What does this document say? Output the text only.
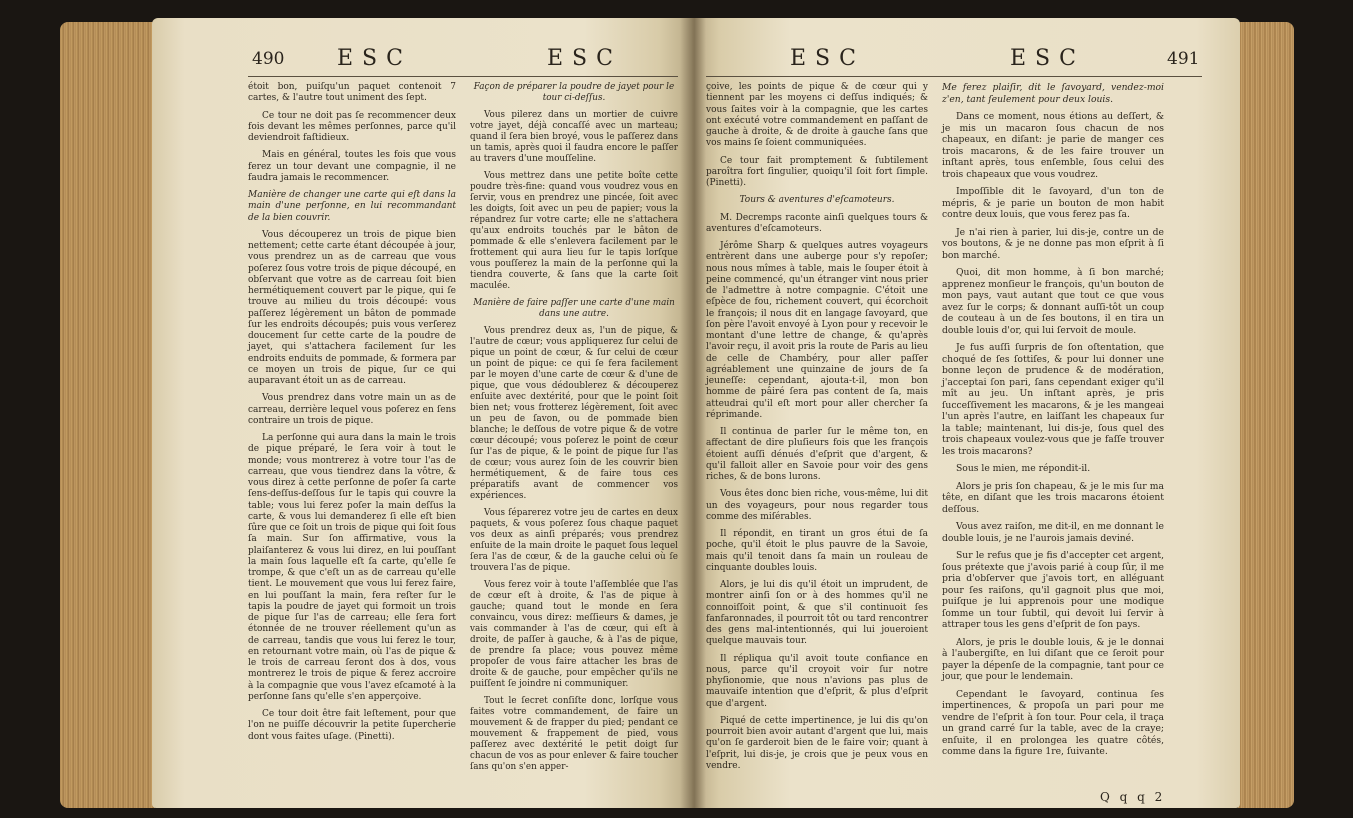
490 ESC	ESC

étoit bon, puiſqu'un paquet contenoit 7 cartes, & l'autre tout uniment des ſept.

Ce tour ne doit pas ſe recommencer deux fois devant les mêmes perſonnes, parce qu'il deviendroit faſtidieux.

Mais en général, toutes les fois que vous ferez un tour devant une compagnie, il ne faudra jamais le recommencer.

Manière de changer une carte qui eſt dans la main d'une perſonne, en lui recommandant de la bien couvrir.

Vous découperez un trois de pique bien nettement; cette carte étant découpée à jour, vous prendrez un as de carreau que vous poſerez ſous votre trois de pique découpé, en obſervant que votre as de carreau ſoit bien hermétiquement couvert par le pique, qui ſe trouve au milieu du trois découpé: vous paſſerez légèrement un bâton de pommade ſur les endroits découpés; puis vous verſerez doucement ſur cette carte de la poudre de jayet, qui s'attachera facilement ſur les endroits enduits de pommade, & formera par ce moyen un trois de pique, ſur ce qui auparavant étoit un as de carreau.

Vous prendrez dans votre main un as de carreau, derrière lequel vous poſerez en ſens contraire un trois de pique.

La perſonne qui aura dans la main le trois de pique préparé, le ſera voir à tout le monde; vous montrerez à votre tour l'as de carreau, que vous tiendrez dans la vôtre, & vous direz à cette perſonne de poſer ſa carte ſens-deſſus-deſſous ſur le tapis qui couvre la table; vous lui ferez poſer la main deſſus la carte, & vous lui demanderez ſi elle eſt bien ſûre que ce ſoit un trois de pique qui ſoit ſous ſa main. Sur ſon affirmative, vous la plaiſanterez & vous lui direz, en lui pouſſant la main ſous laquelle eſt ſa carte, qu'elle ſe trompe, & que c'eſt un as de carreau qu'elle tient. Le mouvement que vous lui ferez faire, en lui pouſſant la main, fera reſter ſur le tapis la poudre de jayet qui formoit un trois de pique ſur l'as de carreau; elle ſera fort étonnée de ne trouver réellement qu'un as de carreau, tandis que vous lui ferez le tour, en retournant votre main, où l'as de pique & le trois de carreau ſeront dos à dos, vous montrerez le trois de pique & ferez accroire à la compagnie que vous l'avez eſcamoté à la perſonne ſans qu'elle s'en apperçoive.

Ce tour doit être fait leſtement, pour que l'on ne puiſſe découvrir la petite ſupercherie dont vous faites uſage. (Pinetti).

Façon de préparer la poudre de jayet pour le tour ci-deſſus.

Vous pilerez dans un mortier de cuivre votre jayet, déjà concaſſé avec un marteau; quand il ſera bien broyé, vous le paſſerez dans un tamis, après quoi il faudra encore le paſſer au travers d'une mouſſeline.

Vous mettrez dans une petite boîte cette poudre très-fine: quand vous voudrez vous en ſervir, vous en prendrez une pincée, ſoit avec les doigts, ſoit avec un peu de papier; vous la répandrez ſur votre carte; elle ne s'attachera qu'aux endroits touchés par le bâton de pommade & elle s'enlevera facilement par le frottement qui aura lieu ſur le tapis lorſque vous pouſſerez la main de la perſonne qui la tiendra couverte, & ſans que la carte ſoit maculée.

Manière de faire paſſer une carte d'une main dans une autre.

Vous prendrez deux as, l'un de pique, & l'autre de cœur; vous appliquerez ſur celui de pique un point de cœur, & ſur celui de cœur un point de pique: ce qui ſe fera facilement par le moyen d'une carte de cœur & d'une de pique, que vous dédoublerez & découperez enſuite avec dextérité, pour que le point ſoit bien net; vous frotterez légèrement, ſoit avec un peu de ſavon, ou de pommade bien blanche; le deſſous de votre pique & de votre cœur découpé; vous poſerez le point de cœur ſur l'as de pique, & le point de pique ſur l'as de cœur; vous aurez ſoin de les couvrir bien hermétiquement, & de faire tous ces préparatifs avant de commencer vos expériences.

Vous ſéparerez votre jeu de cartes en deux paquets, & vous poſerez ſous chaque paquet vos deux as ainſi préparés; vous prendrez enſuite de la main droite le paquet ſous lequel ſera l'as de cœur, & de la gauche celui où ſe trouvera l'as de pique.

Vous ferez voir à toute l'aſſemblée que l'as de cœur eſt à droite, & l'as de pique à gauche; quand tout le monde en ſera convaincu, vous direz: meſſieurs & dames, je vais commander à l'as de cœur, qui eſt à droite, de paſſer à gauche, & à l'as de pique, de prendre ſa place; vous pouvez même propoſer de vous faire attacher les bras de droite & de gauche, pour empêcher qu'ils ne puiſſent ſe joindre ni communiquer.

Tout le ſecret conſiſte donc, lorſque vous faites votre commandement, de faire un mouvement & de frapper du pied; pendant ce mouvement & frappement de pied, vous paſſerez avec dextérité le petit doigt ſur chacun de vos as pour enlever & faire toucher ſans qu'on s'en apper-

ESC	ESC	491

çoive, les points de pique & de cœur qui y tiennent par les moyens ci deſſus indiqués; & vous ſaites voir à la compagnie, que les cartes ont exécuté votre commandement en paſſant de gauche à droite, & de droite à gauche ſans que vos mains ſe ſoient communiquées.

Ce tour fait promptement & ſubtilement paroîtra fort ſingulier, quoiqu'il ſoit fort ſimple. (Pinetti).

Tours & aventures d'eſcamoteurs.

M. Decremps raconte ainſi quelques tours & aventures d'eſcamoteurs.

Jérôme Sharp & quelques autres voyageurs entrèrent dans une auberge pour s'y repoſer; nous nous mîmes à table, mais le ſouper étoit à peine commencé, qu'un étranger vint nous prier de l'admettre à notre compagnie. C'étoit une eſpèce de fou, richement couvert, qui écorchoit le françois; il nous dit en langage ſavoyard, que ſon père l'avoit envoyé à Lyon pour y recevoir le montant d'une lettre de change, & qu'après l'avoir reçu, il avoit pris la route de Paris au lieu de celle de Chambéry, pour aller paſſer agréablement une quinzaine de jours de ſa jeuneſſe: cependant, ajouta-t-il, mon bon homme de pâiré ſera pas content de ſa, mais atteudrai qu'il eſt mort pour aller chercher ſa réprimande.

Il continua de parler ſur le même ton, en affectant de dire pluſieurs fois que les françois étoient auſſi dénués d'eſprit que d'argent, & qu'il falloit aller en Savoie pour voir des gens riches, & de bons lurons.

Vous êtes donc bien riche, vous-même, lui dit un des voyageurs, pour nous regarder tous comme des miſérables.

Il répondit, en tirant un gros étui de ſa poche, qu'il étoit le plus pauvre de la Savoie, mais qu'il tenoit dans ſa main un rouleau de cinquante doubles louis.

Alors, je lui dis qu'il étoit un imprudent, de montrer ainſi ſon or à des hommes qu'il ne connoiſſoit point, & que s'il continuoit ſes fanfaronnades, il pourroit tôt ou tard rencontrer des gens mal-intentionnés, qui lui joueroient quelque mauvais tour.

Il répliqua qu'il avoit toute confiance en nous, parce qu'il croyoit voir ſur notre phyſionomie, que nous n'avions pas plus de mauvaiſe intention que d'eſprit, & plus d'eſprit que d'argent.

Piqué de cette impertinence, je lui dis qu'on pourroit bien avoir autant d'argent que lui, mais qu'on ſe garderoit bien de le faire voir; quant à l'eſprit, lui dis-je, je crois que je peux vous en vendre.

Me ferez plaiſir, dit le ſavoyard, vendez-moi z'en, tant ſeulement pour deux louis.

Dans ce moment, nous étions au deſſert, & je mis un macaron ſous chacun de nos chapeaux, en diſant: je parie de manger ces trois macarons, & de les faire trouver un inſtant après, tous enſemble, ſous celui des trois chapeaux que vous voudrez.

Impoſſible dit le ſavoyard, d'un ton de mépris, & je parie un bouton de mon habit contre deux louis, que vous ferez pas ſa.

Je n'ai rien à parier, lui dis-je, contre un de vos boutons, & je ne donne pas mon eſprit à ſi bon marché.

Quoi, dit mon homme, à ſi bon marché; apprenez monſieur le françois, qu'un bouton de mon pays, vaut autant que tout ce que vous avez ſur le corps; & donnant auſſi-tôt un coup de couteau à un de ſes boutons, il en tira un double louis d'or, qui lui ſervoit de moule.

Je fus auſſi ſurpris de ſon oſtentation, que choqué de ſes ſottiſes, & pour lui donner une bonne leçon de prudence & de modération, j'acceptai ſon pari, ſans cependant exiger qu'il mît au jeu. Un inſtant après, je pris ſucceſſivement les macarons, & je les mangeai l'un après l'autre, en laiſſant les chapeaux ſur la table; maintenant, lui dis-je, ſous quel des trois chapeaux voulez-vous que je faſſe trouver les trois macarons?

Sous le mien, me répondit-il.

Alors je pris ſon chapeau, & je le mis ſur ma tête, en diſant que les trois macarons étoient deſſous.

Vous avez raiſon, me dit-il, en me donnant le double louis, je ne l'aurois jamais deviné.

Sur le refus que je fis d'accepter cet argent, ſous prétexte que j'avois parié à coup ſûr, il me pria d'obſerver que j'avois tort, en alléguant pour ſes raiſons, qu'il gagnoit plus que moi, puiſque je lui apprenois pour une modique ſomme un tour ſubtil, qui devoit lui ſervir à attraper tous les gens d'eſprit de ſon pays.

Alors, je pris le double louis, & je le donnai à l'aubergiſte, en lui diſant que ce ſeroit pour payer la dépenſe de la compagnie, tant pour ce jour, que pour le lendemain.

Cependant le ſavoyard, continua ſes impertinences, & propoſa un pari pour me vendre de l'eſprit à ſon tour. Pour cela, il traça un grand carré ſur la table, avec de la craye; enſuite, il en prolongea les quatre côtés, comme dans la figure 1re, ſuivante.

Q q q 2
